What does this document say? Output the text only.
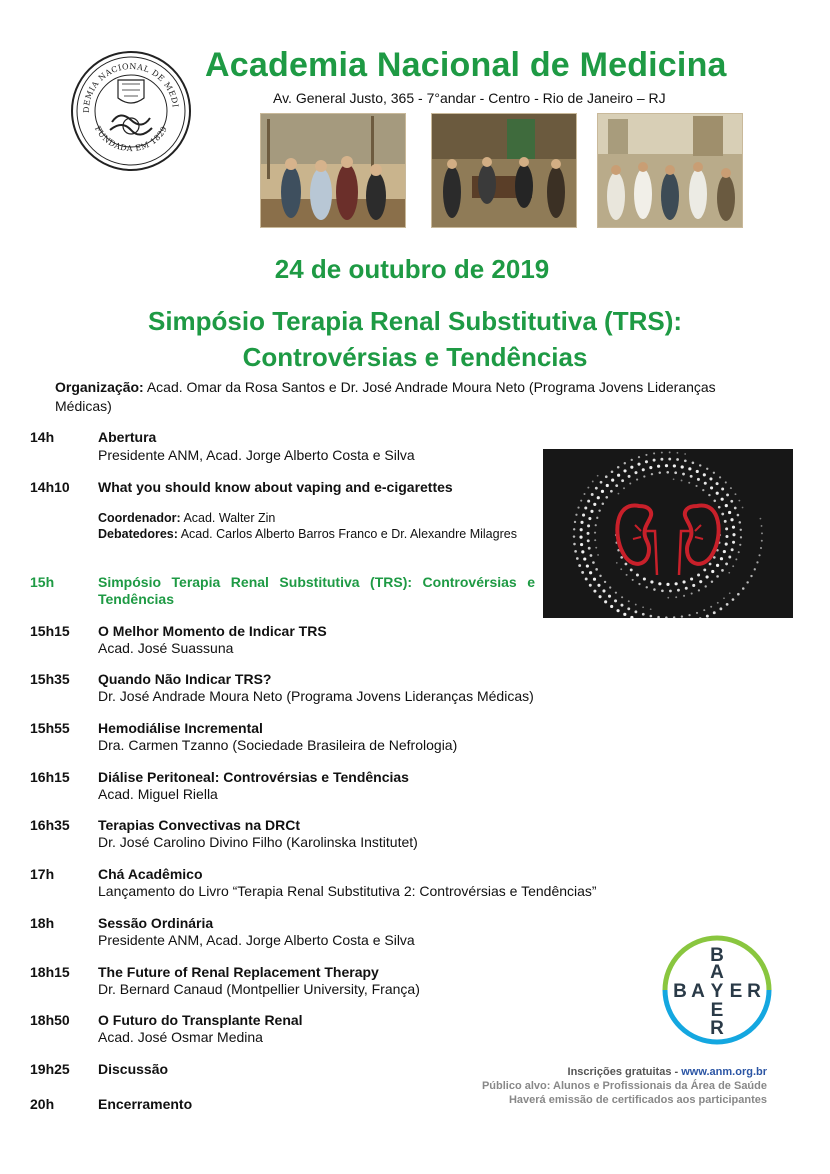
DEMIA NACIONAL DE MEDI
FUNDADA EM 1829
Academia Nacional de Medicina
Av. General Justo, 365 - 7°andar - Centro - Rio de Janeiro – RJ
24 de outubro de 2019
Simpósio Terapia Renal Substitutiva (TRS):
Controvérsias e Tendências
Organização: Acad. Omar da Rosa Santos e Dr. José Andrade Moura Neto (Programa Jovens Lideranças Médicas)
14h	Abertura
Presidente ANM, Acad. Jorge Alberto Costa e Silva
14h10 What you should know about vaping and e-cigarettes
Coordenador: Acad. Walter Zin
Debatedores: Acad. Carlos Alberto Barros Franco e Dr. Alexandre Milagres
15h	Simpósio Terapia Renal Substitutiva (TRS): Controvérsias e
Tendências
15h15 O Melhor Momento de Indicar TRS
Acad. José Suassuna
15h35 Quando Não Indicar TRS?
Dr. José Andrade Moura Neto (Programa Jovens Lideranças Médicas)
15h55 Hemodiálise Incremental
Dra. Carmen Tzanno (Sociedade Brasileira de Nefrologia)
16h15 Diálise Peritoneal: Controvérsias e Tendências
Acad. Miguel Riella
16h35 Terapias Convectivas na DRCt
Dr. José Carolino Divino Filho (Karolinska Institutet)
17h	Chá Acadêmico
Lançamento do Livro “Terapia Renal Substitutiva 2: Controvérsias e Tendências”
18h	Sessão Ordinária
Presidente ANM, Acad. Jorge Alberto Costa e Silva
18h15 The Future of Renal Replacement Therapy
Dr. Bernard Canaud (Montpellier University, França)
18h50 O Futuro do Transplante Renal
Acad. José Osmar Medina
19h25 Discussão
20h	Encerramento
B
A
B A Y E R
E
R
Inscrições gratuitas - www.anm.org.br
Público alvo: Alunos e Profissionais da Área de Saúde
Haverá emissão de certificados aos participantes
